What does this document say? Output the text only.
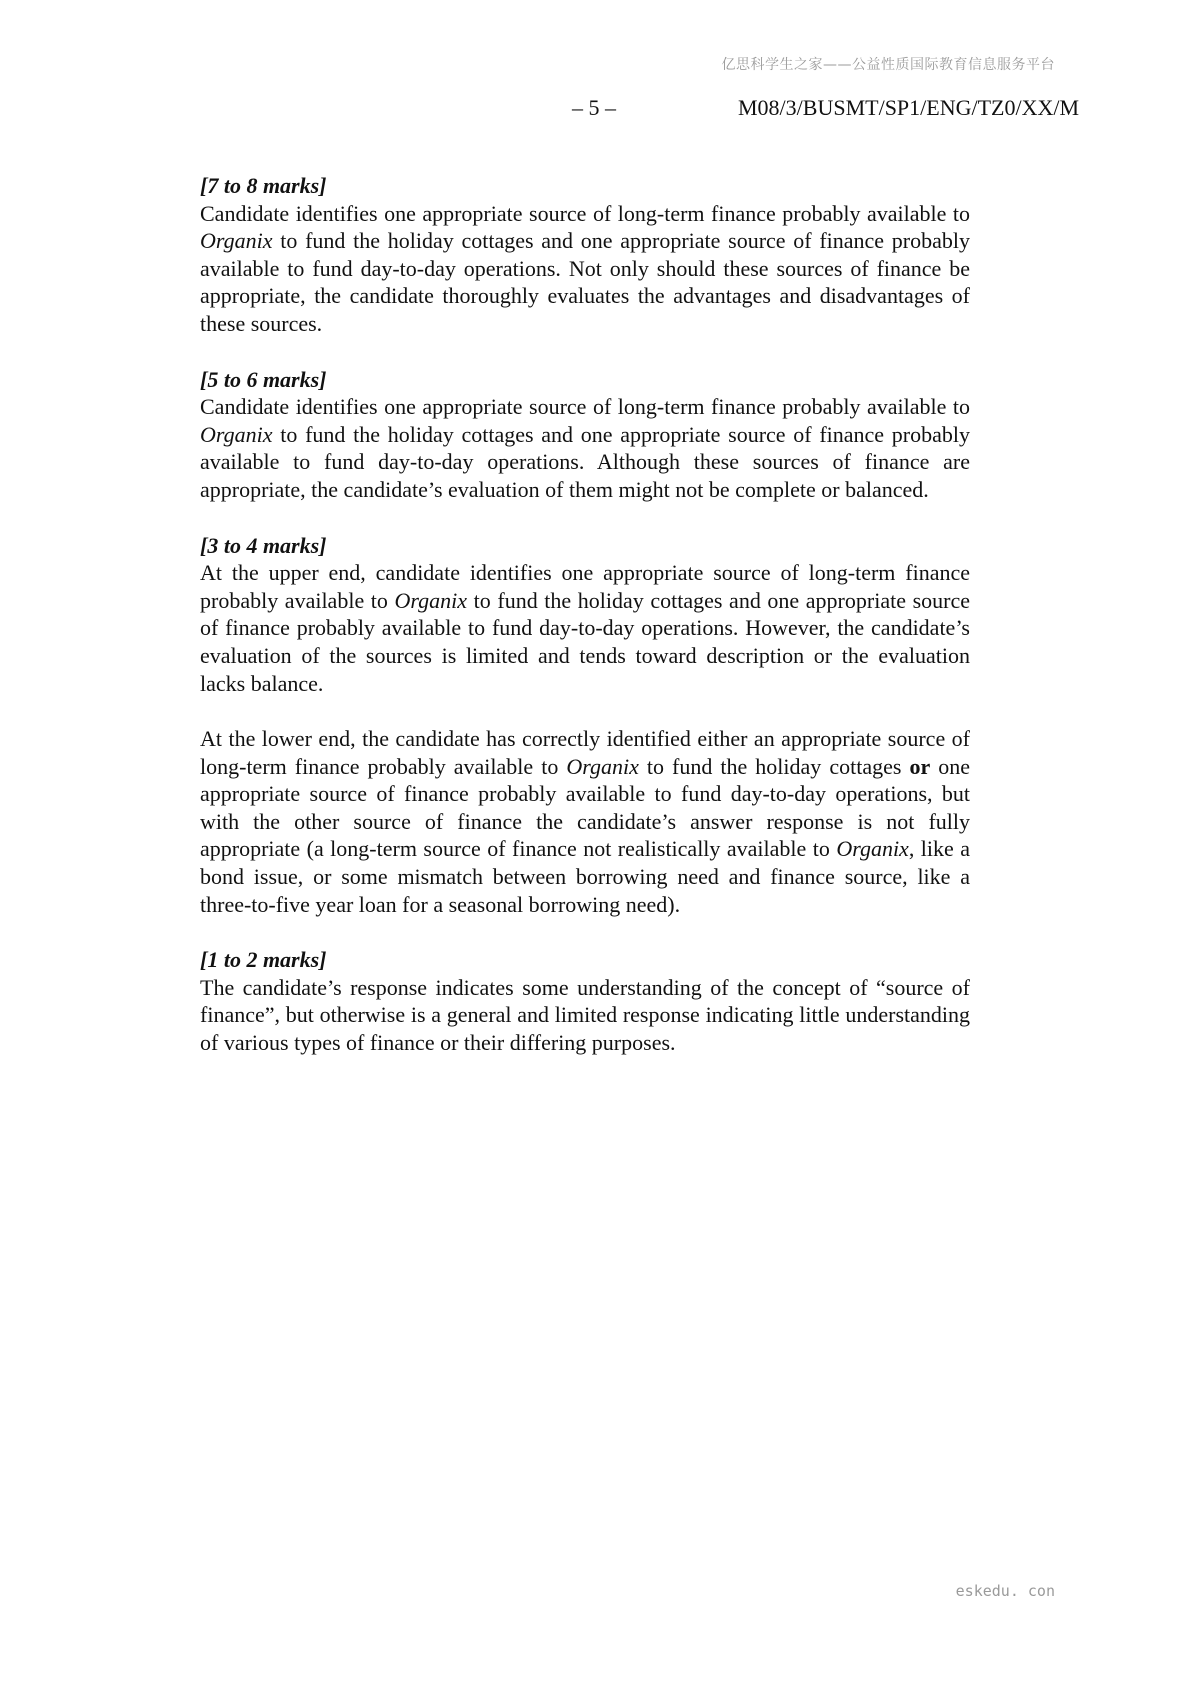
亿思科学生之家——公益性质国际教育信息服务平台
– 5 –	M08/3/BUSMT/SP1/ENG/TZ0/XX/M
[7 to 8 marks]

Candidate identifies one appropriate source of long-term finance probably available to Organix to fund the holiday cottages and one appropriate source of finance probably available to fund day-to-day operations. Not only should these sources of finance be appropriate, the candidate thoroughly evaluates the advantages and disadvantages of these sources.

[5 to 6 marks]

Candidate identifies one appropriate source of long-term finance probably available to Organix to fund the holiday cottages and one appropriate source of finance probably available to fund day-to-day operations. Although these sources of finance are appropriate, the candidate’s evaluation of them might not be complete or balanced.

[3 to 4 marks]

At the upper end, candidate identifies one appropriate source of long-term finance probably available to Organix to fund the holiday cottages and one appropriate source of finance probably available to fund day-to-day operations. However, the candidate’s evaluation of the sources is limited and tends toward description or the evaluation lacks balance.

At the lower end, the candidate has correctly identified either an appropriate source of long-term finance probably available to Organix to fund the holiday cottages or one appropriate source of finance probably available to fund day-to-day operations, but with the other source of finance the candidate’s answer response is not fully appropriate (a long-term source of finance not realistically available to Organix, like a bond issue, or some mismatch between borrowing need and finance source, like a three-to-five year loan for a seasonal borrowing need).

[1 to 2 marks]

The candidate’s response indicates some understanding of the concept of “source of finance”, but otherwise is a general and limited response indicating little understanding of various types of finance or their differing purposes.

eskedu. con
